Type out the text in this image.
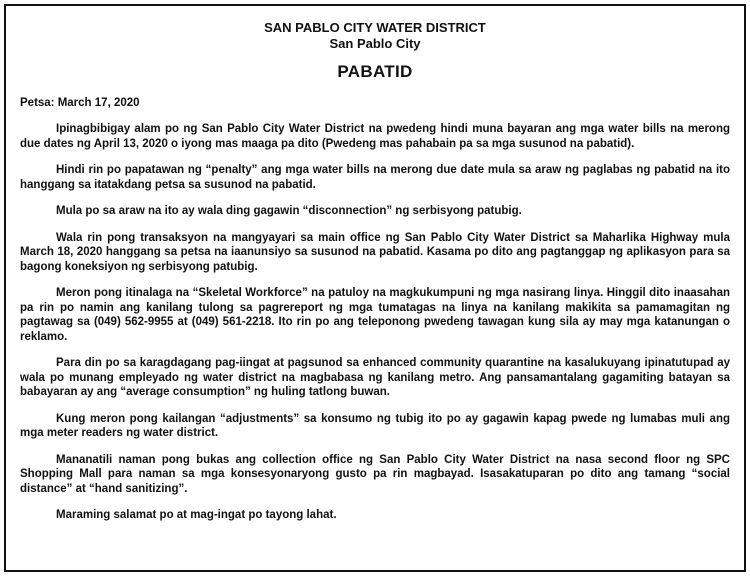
SAN PABLO CITY WATER DISTRICT
San Pablo City
PABATID
Petsa: March 17, 2020

Ipinagbibigay alam po ng San Pablo City Water District na pwedeng hindi muna bayaran ang mga water bills na merong due dates ng April 13, 2020 o iyong mas maaga pa dito (Pwedeng mas pahabain pa sa mga susunod na pabatid).

Hindi rin po papatawan ng “penalty” ang mga water bills na merong due date mula sa araw ng paglabas ng pabatid na ito hanggang sa itatakdang petsa sa susunod na pabatid.

Mula po sa araw na ito ay wala ding gagawin “disconnection” ng serbisyong patubig.

Wala rin pong transaksyon na mangyayari sa main office ng San Pablo City Water District sa Maharlika Highway mula March 18, 2020 hanggang sa petsa na iaanunsiyo sa susunod na pabatid. Kasama po dito ang pagtanggap ng aplikasyon para sa bagong koneksiyon ng serbisyong patubig.

Meron pong itinalaga na “Skeletal Workforce” na patuloy na magkukumpuni ng mga nasirang linya. Hinggil dito inaasahan pa rin po namin ang kanilang tulong sa pagrereport ng mga tumatagas na linya na kanilang makikita sa pamamagitan ng pagtawag sa (049) 562-9955 at (049) 561-2218. Ito rin po ang teleponong pwedeng tawagan kung sila ay may mga katanungan o reklamo.

Para din po sa karagdagang pag-iingat at pagsunod sa enhanced community quarantine na kasalukuyang ipinatutupad ay wala po munang empleyado ng water district na magbabasa ng kanilang metro. Ang pansamantalang gagamiting batayan sa babayaran ay ang “average consumption” ng huling tatlong buwan.

Kung meron pong kailangan “adjustments” sa konsumo ng tubig ito po ay gagawin kapag pwede ng lumabas muli ang mga meter readers ng water district.

Mananatili naman pong bukas ang collection office ng San Pablo City Water District na nasa second floor ng SPC Shopping Mall para naman sa mga konsesyonaryong gusto pa rin magbayad. Isasakatuparan po dito ang tamang “social distance” at “hand sanitizing”.

Maraming salamat po at mag-ingat po tayong lahat.
